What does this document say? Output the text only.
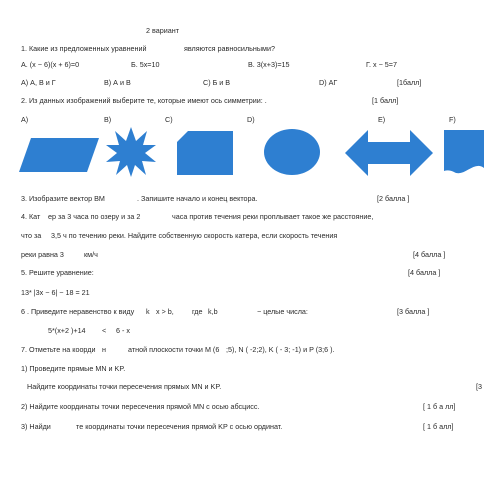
2 вариант
1. Какие из предложенных уравнений	являются равносильными?
А. (x − 6)(x + 6)=0	Б. 5x=10	В. 3(x+3)=15	Г. x − 5=7
А) А, В и Г	В) А и В	С) Б и В	D) АГ	[1балл]
2. Из данных изображений выберите те, которые имеют ось симметрии: .	[1 балл]
A)	B)	C)	D)	E)	F)
3. Изобразите вектор ВМ	. Запишите начало и конец вектора.	[2 балла ]
4. Кат ер за 3 часа по озеру и за 2	часа против течения реки проплывает такое же расстояние,
что за 3,5 ч по течению реки. Найдите собственную скорость катера, если скорость течения
реки равна 3	км/ч	[4 балла ]
5. Решите уравнение:	[4 балла ]
13* |3x − 6| − 18 = 21
6 . Приведите неравенство к виду k x > b,	где k,b	− целые числа:	[3 балла ]
5*(x+2 )+14 < 6 - x
7. Отметьте на коорди н	атной плоскости точки M (6 ;5), N ( -2;2), K ( - 3; -1) и P (3;6 ).
1) Проведите прямые MN и KP.
Найдите координаты точки пересечения прямых MN и KP.	[3
2) Найдите координаты точки пересечения прямой MN с осью абсцисс.	[ 1 б а лл]
3) Найди	те координаты точки пересечения прямой KP с осью ординат.	[ 1 б алл]
